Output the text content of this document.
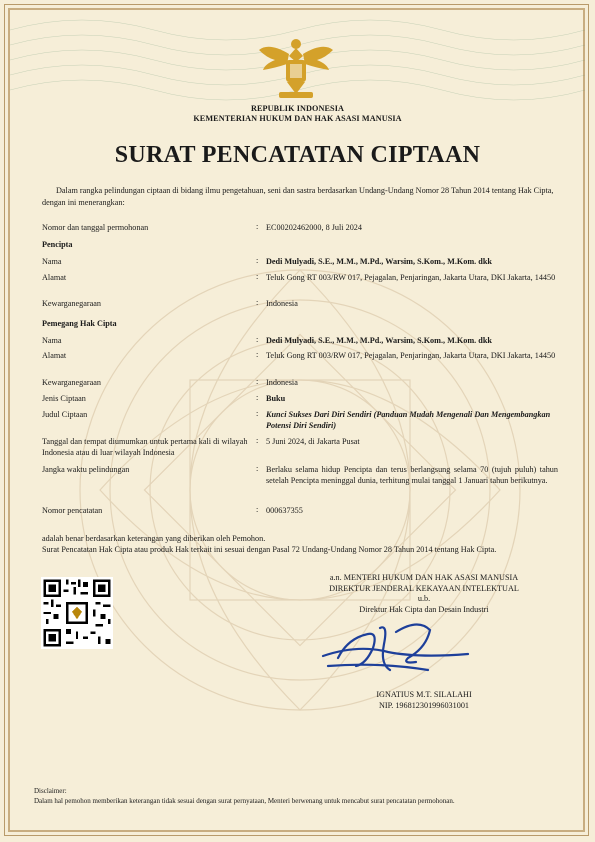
REPUBLIK INDONESIA
KEMENTERIAN HUKUM DAN HAK ASASI MANUSIA
SURAT PENCATATAN CIPTAAN
Dalam rangka pelindungan ciptaan di bidang ilmu pengetahuan, seni dan sastra berdasarkan Undang-Undang Nomor 28 Tahun 2014 tentang Hak Cipta, dengan ini menerangkan:
Nomor dan tanggal permohonan	: EC00202462000, 8 Juli 2024
Pencipta
Nama	: Dedi Mulyadi, S.E., M.M., M.Pd., Warsim, S.Kom., M.Kom. dkk
Alamat	: Teluk Gong RT 003/RW 017, Pejagalan, Penjaringan, Jakarta Utara, DKI Jakarta, 14450
Kewarganegaraan	: Indonesia
Pemegang Hak Cipta
Nama	: Dedi Mulyadi, S.E., M.M., M.Pd., Warsim, S.Kom., M.Kom. dkk
Alamat	: Teluk Gong RT 003/RW 017, Pejagalan, Penjaringan, Jakarta Utara, DKI Jakarta, 14450
Kewarganegaraan	: Indonesia
Jenis Ciptaan	: Buku
Judul Ciptaan	: Kunci Sukses Dari Diri Sendiri (Panduan Mudah Mengenali Dan Mengembangkan Potensi Diri Sendiri)
Tanggal dan tempat diumumkan untuk pertama kali di wilayah Indonesia atau di luar wilayah Indonesia
: 5 Juni 2024, di Jakarta Pusat
Jangka waktu pelindungan	: Berlaku selama hidup Pencipta dan terus berlangsung selama 70 (tujuh puluh) tahun setelah Pencipta meninggal dunia, terhitung mulai tanggal 1 Januari tahun berikutnya.
Nomor pencatatan	: 000637355
adalah benar berdasarkan keterangan yang diberikan oleh Pemohon.
Surat Pencatatan Hak Cipta atau produk Hak terkait ini sesuai dengan Pasal 72 Undang-Undang Nomor 28 Tahun 2014 tentang Hak Cipta.
a.n. MENTERI HUKUM DAN HAK ASASI MANUSIA
DIREKTUR JENDERAL KEKAYAAN INTELEKTUAL
u.b.
Direktur Hak Cipta dan Desain Industri
IGNATIUS M.T. SILALAHI
NIP. 196812301996031001
Disclaimer:
Dalam hal pemohon memberikan keterangan tidak sesuai dengan surat pernyataan, Menteri berwenang untuk mencabut surat pencatatan permohonan.
